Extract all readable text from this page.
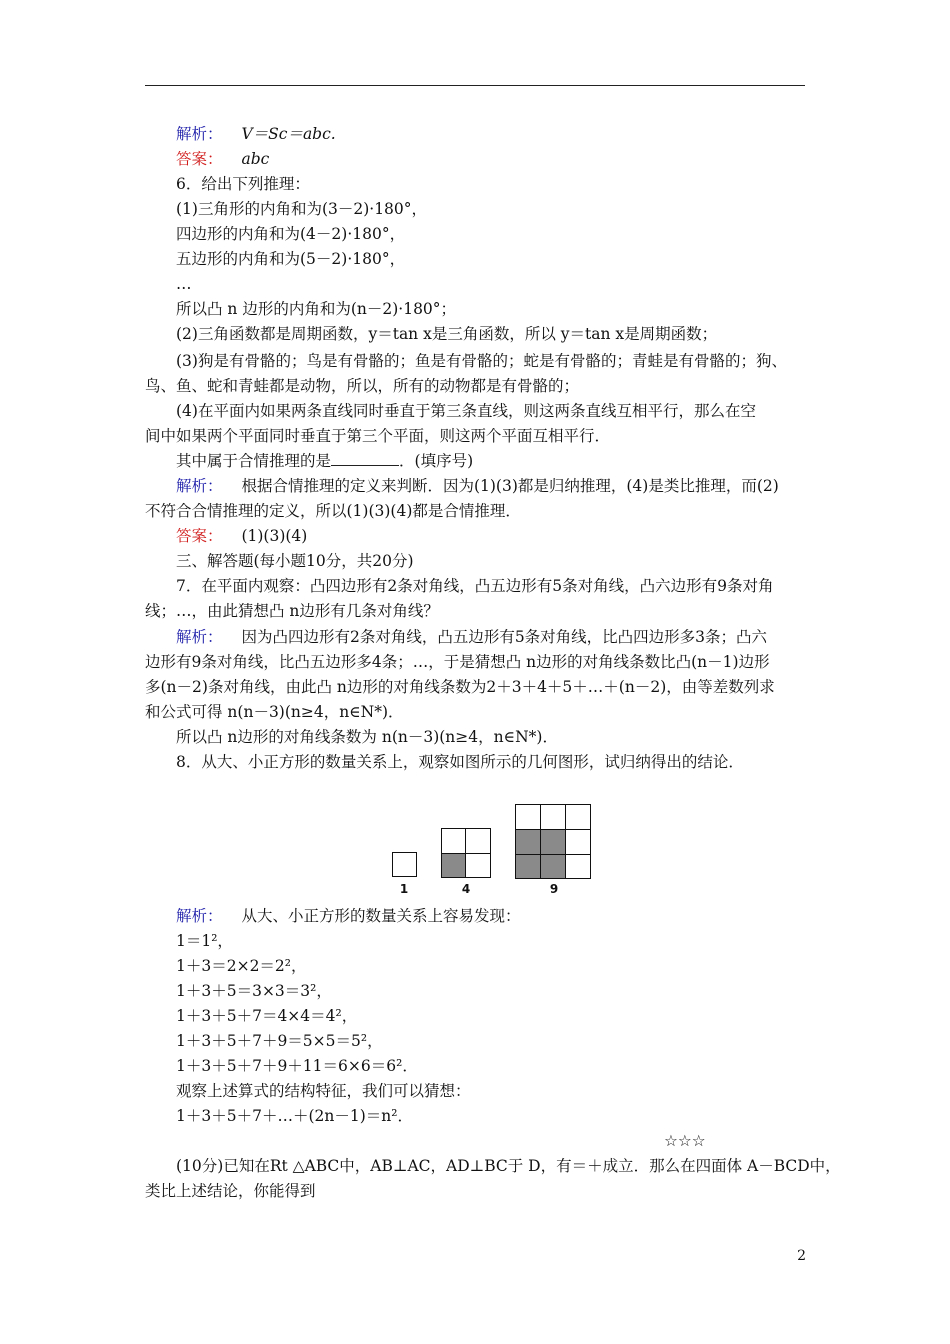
解析： V＝Sc＝abc.
答案： abc
6．给出下列推理：
(1)三角形的内角和为(3－2)·180°，
四边形的内角和为(4－2)·180°，
五边形的内角和为(5－2)·180°，
…
所以凸 n 边形的内角和为(n－2)·180°；
(2)三角函数都是周期函数，y＝tan x是三角函数，所以 y＝tan x是周期函数；
(3)狗是有骨骼的；鸟是有骨骼的；鱼是有骨骼的；蛇是有骨骼的；青蛙是有骨骼的；狗、
鸟、鱼、蛇和青蛙都是动物，所以，所有的动物都是有骨骼的；
(4)在平面内如果两条直线同时垂直于第三条直线，则这两条直线互相平行，那么在空
间中如果两个平面同时垂直于第三个平面，则这两个平面互相平行．
其中属于合情推理的是	．(填序号)
解析： 根据合情推理的定义来判断．因为(1)(3)都是归纳推理，(4)是类比推理，而(2)
不符合合情推理的定义，所以(1)(3)(4)都是合情推理．
答案： (1)(3)(4)
三、解答题(每小题10分，共20分)
7．在平面内观察：凸四边形有2条对角线，凸五边形有5条对角线，凸六边形有9条对角
线；…，由此猜想凸 n边形有几条对角线？
解析： 因为凸四边形有2条对角线，凸五边形有5条对角线，比凸四边形多3条；凸六
边形有9条对角线，比凸五边形多4条；…，于是猜想凸 n边形的对角线条数比凸(n－1)边形
多(n－2)条对角线，由此凸 n边形的对角线条数为2＋3＋4＋5＋…＋(n－2)，由等差数列求
和公式可得 n(n－3)(n≥4，n∈N*)．
所以凸 n边形的对角线条数为 n(n－3)(n≥4，n∈N*)．
8．从大、小正方形的数量关系上，观察如图所示的几何图形，试归纳得出的结论．
1	4	9
解析： 从大、小正方形的数量关系上容易发现：
1＝1²，
1＋3＝2×2＝2²，
1＋3＋5＝3×3＝3²，
1＋3＋5＋7＝4×4＝4²，
1＋3＋5＋7＋9＝5×5＝5²，
1＋3＋5＋7＋9＋11＝6×6＝6²．
观察上述算式的结构特征，我们可以猜想：
1＋3＋5＋7＋…＋(2n－1)＝n²．
☆☆☆
(10分)已知在Rt △ABC中，AB⊥AC，AD⊥BC于 D，有＝＋成立．那么在四面体 A－BCD中，
类比上述结论，你能得到
2
